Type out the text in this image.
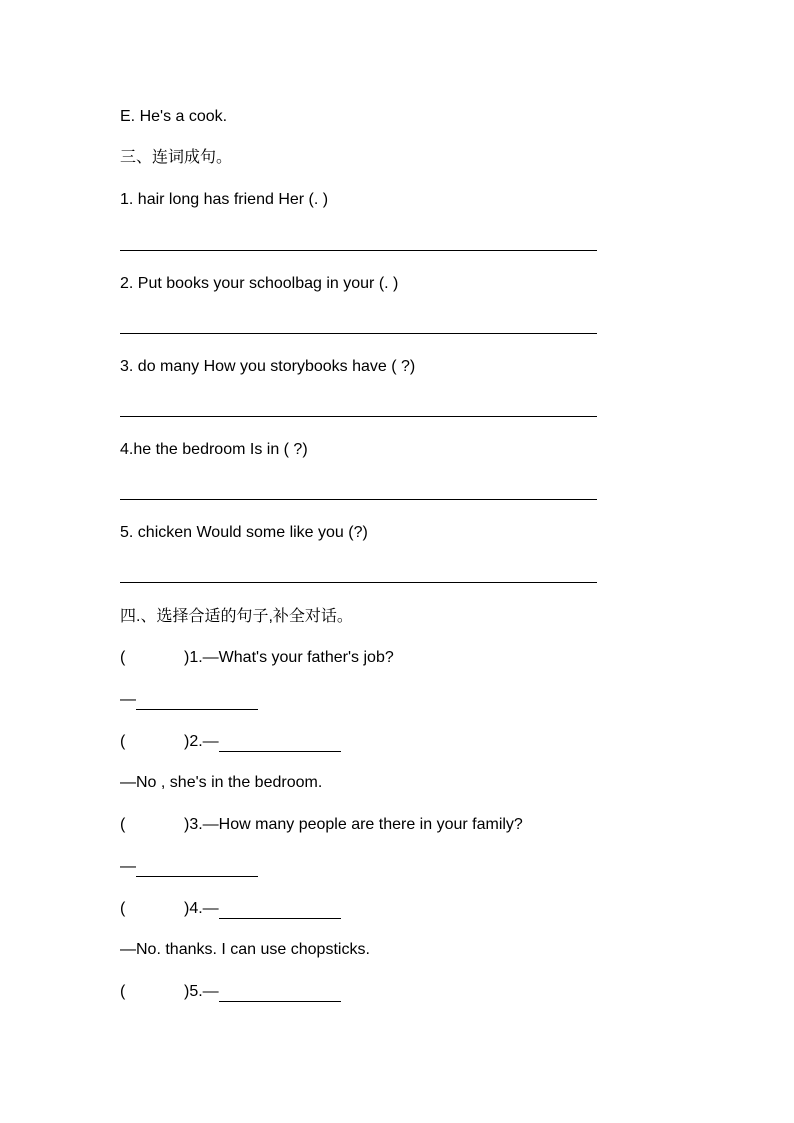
E. He's a cook.
三、连词成句。
1. hair long has friend Her (. )
2. Put books your schoolbag in your (. )
3. do many How you storybooks have ( ?)
4.he the bedroom Is in ( ?)
5. chicken Would some like you (?)
四.、选择合适的句子,补全对话。
(	)1.—What's your father's job?
—
(	)2.—
—No , she's in the bedroom.
(	)3.—How many people are there in your family?
—
(	)4.—
—No. thanks. I can use chopsticks.
(	)5.—
